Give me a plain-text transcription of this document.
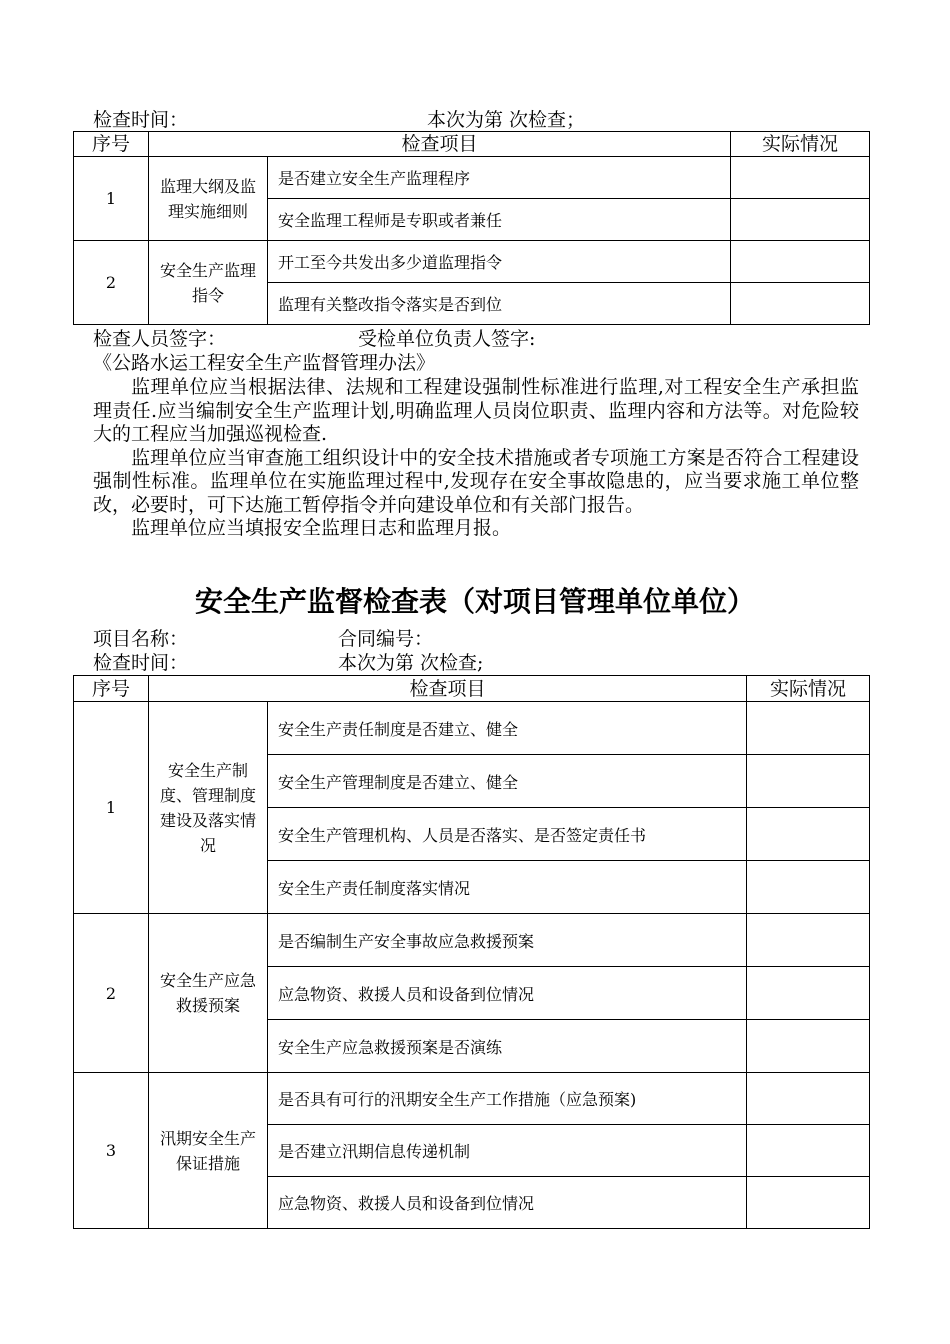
检查时间：	本次为第 次检查；
序号	检查项目		实际情况
1	监理大纲及监理实施细则	是否建立安全生产监理程序	
		安全监理工程师是专职或者兼任	
2	安全生产监理指令	开工至今共发出多少道监理指令	
		监理有关整改指令落实是否到位	
检查人员签字：	受检单位负责人签字:
《公路水运工程安全生产监督管理办法》

监理单位应当根据法律、法规和工程建设强制性标准进行监理,对工程安全生产承担监理责任.应当编制安全生产监理计划,明确监理人员岗位职责、监理内容和方法等。对危险较大的工程应当加强巡视检查.

监理单位应当审查施工组织设计中的安全技术措施或者专项施工方案是否符合工程建设强制性标准。监理单位在实施监理过程中,发现存在安全事故隐患的，应当要求施工单位整改，必要时，可下达施工暂停指令并向建设单位和有关部门报告。

监理单位应当填报安全监理日志和监理月报。

安全生产监督检查表（对项目管理单位单位）
项目名称：	合同编号：
检查时间：	本次为第 次检查;
序号	检查项目		实际情况
1	安全生产制度、管理制度建设及落实情况	安全生产责任制度是否建立、健全	
		安全生产管理制度是否建立、健全	
		安全生产管理机构、人员是否落实、是否签定责任书	
		安全生产责任制度落实情况	
2	安全生产应急救援预案	是否编制生产安全事故应急救援预案	
		应急物资、救援人员和设备到位情况	
		安全生产应急救援预案是否演练	
3	汛期安全生产保证措施	是否具有可行的汛期安全生产工作措施（应急预案)	
		是否建立汛期信息传递机制	
		应急物资、救援人员和设备到位情况	
